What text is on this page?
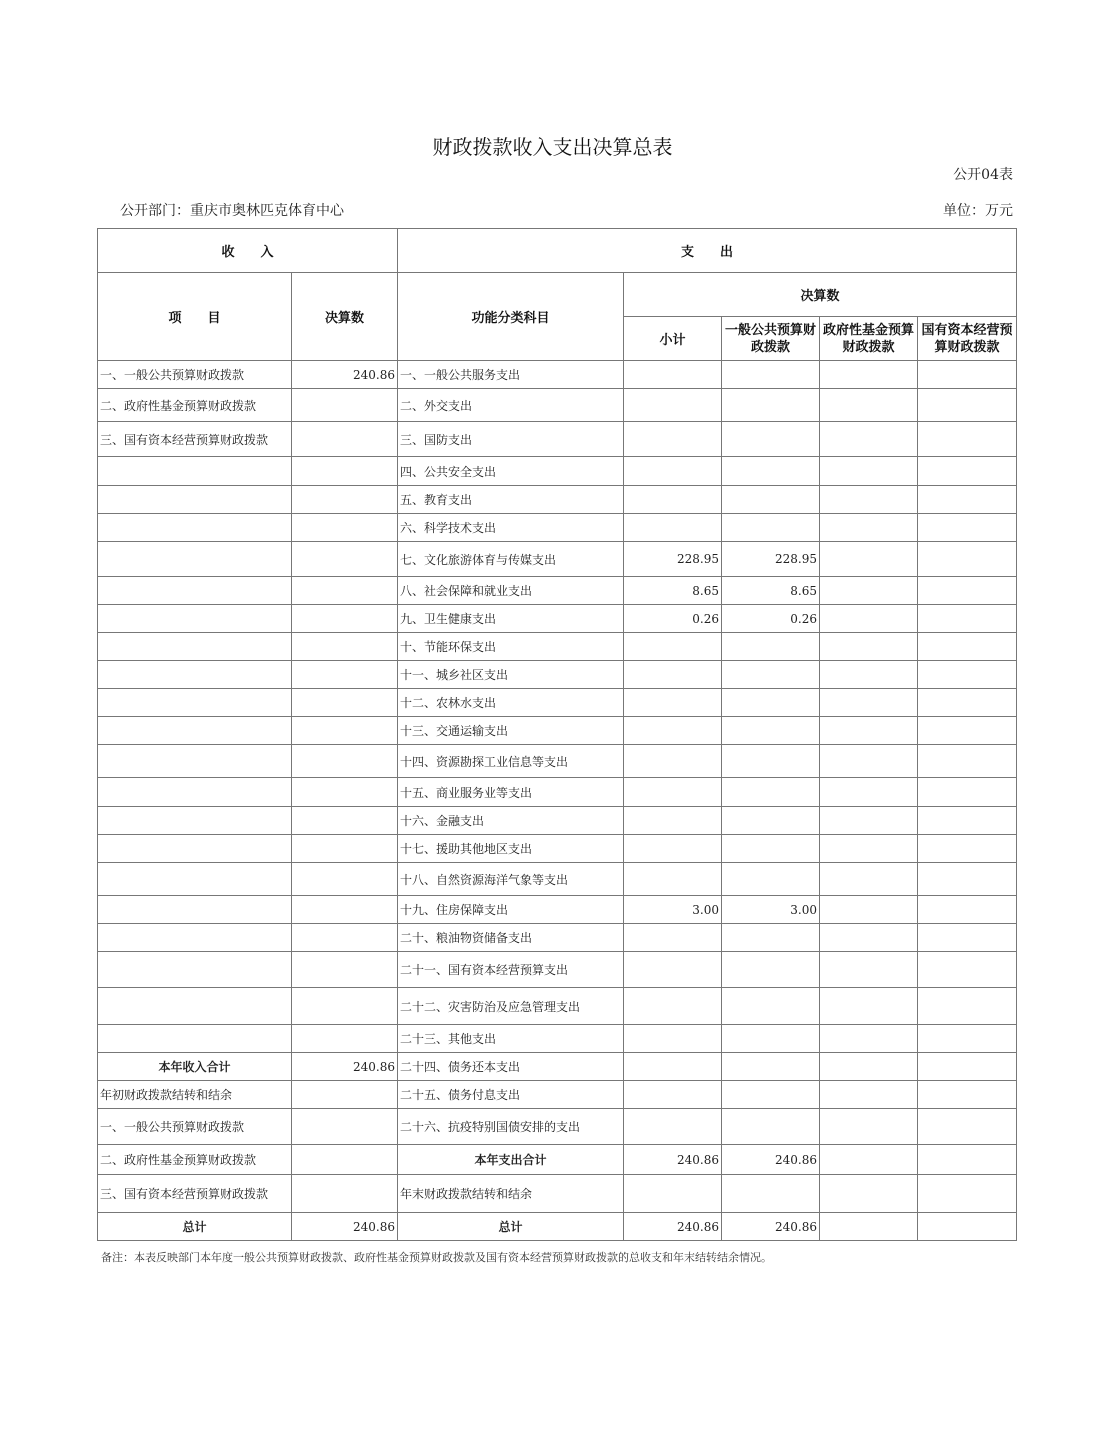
财政拨款收入支出决算总表
公开04表
公开部门：重庆市奥林匹克体育中心	单位：万元
收　　入		支　　出				
项　　目	决算数	功能分类科目	决算数			
			小计	一般公共预算财政拨款	政府性基金预算财政拨款	国有资本经营预算财政拨款
一、一般公共预算财政拨款	240.86	一、一般公共服务支出				
二、政府性基金预算财政拨款		二、外交支出				
三、国有资本经营预算财政拨款		三、国防支出				
		四、公共安全支出				
		五、教育支出				
		六、科学技术支出				
		七、文化旅游体育与传媒支出	228.95	228.95		
		八、社会保障和就业支出	8.65	8.65		
		九、卫生健康支出	0.26	0.26		
		十、节能环保支出				
		十一、城乡社区支出				
		十二、农林水支出				
		十三、交通运输支出				
		十四、资源勘探工业信息等支出				
		十五、商业服务业等支出				
		十六、金融支出				
		十七、援助其他地区支出				
		十八、自然资源海洋气象等支出				
		十九、住房保障支出	3.00	3.00		
		二十、粮油物资储备支出				
		二十一、国有资本经营预算支出				
		二十二、灾害防治及应急管理支出				
		二十三、其他支出				
本年收入合计	240.86	二十四、债务还本支出				
年初财政拨款结转和结余		二十五、债务付息支出				
一、一般公共预算财政拨款		二十六、抗疫特别国债安排的支出				
二、政府性基金预算财政拨款		本年支出合计	240.86	240.86		
三、国有资本经营预算财政拨款		年末财政拨款结转和结余				
总计	240.86	总计	240.86	240.86		
备注：本表反映部门本年度一般公共预算财政拨款、政府性基金预算财政拨款及国有资本经营预算财政拨款的总收支和年末结转结余情况。
